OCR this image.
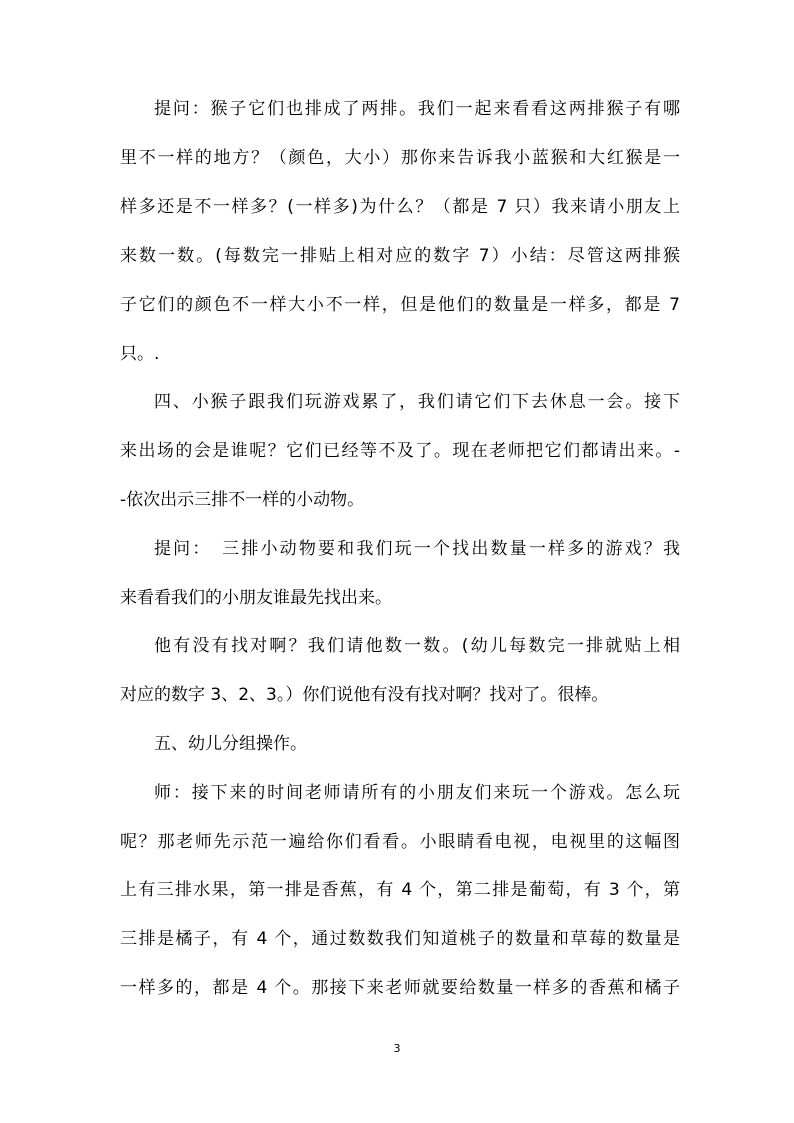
提问：猴子它们也排成了两排。我们一起来看看这两排猴子有哪
里不一样的地方？（颜色，大小）那你来告诉我小蓝猴和大红猴是一
样多还是不一样多？(一样多)为什么？（都是 7 只）我来请小朋友上
来数一数。(每数完一排贴上相对应的数字 7）小结：尽管这两排猴
子它们的颜色不一样大小不一样，但是他们的数量是一样多，都是 7
只。.
四、小猴子跟我们玩游戏累了，我们请它们下去休息一会。接下
来出场的会是谁呢？它们已经等不及了。现在老师把它们都请出来。-
-依次出示三排不一样的小动物。
提问：　三排小动物要和我们玩一个找出数量一样多的游戏？我
来看看我们的小朋友谁最先找出来。
他有没有找对啊？我们请他数一数。(幼儿每数完一排就贴上相
对应的数字 3、2、3。）你们说他有没有找对啊？找对了。很棒。
五、幼儿分组操作。
师：接下来的时间老师请所有的小朋友们来玩一个游戏。怎么玩
呢？那老师先示范一遍给你们看看。小眼睛看电视，电视里的这幅图
上有三排水果，第一排是香蕉，有 4 个，第二排是葡萄，有 3 个，第
三排是橘子，有 4 个，通过数数我们知道桃子的数量和草莓的数量是
一样多的，都是 4 个。那接下来老师就要给数量一样多的香蕉和橘子
3
